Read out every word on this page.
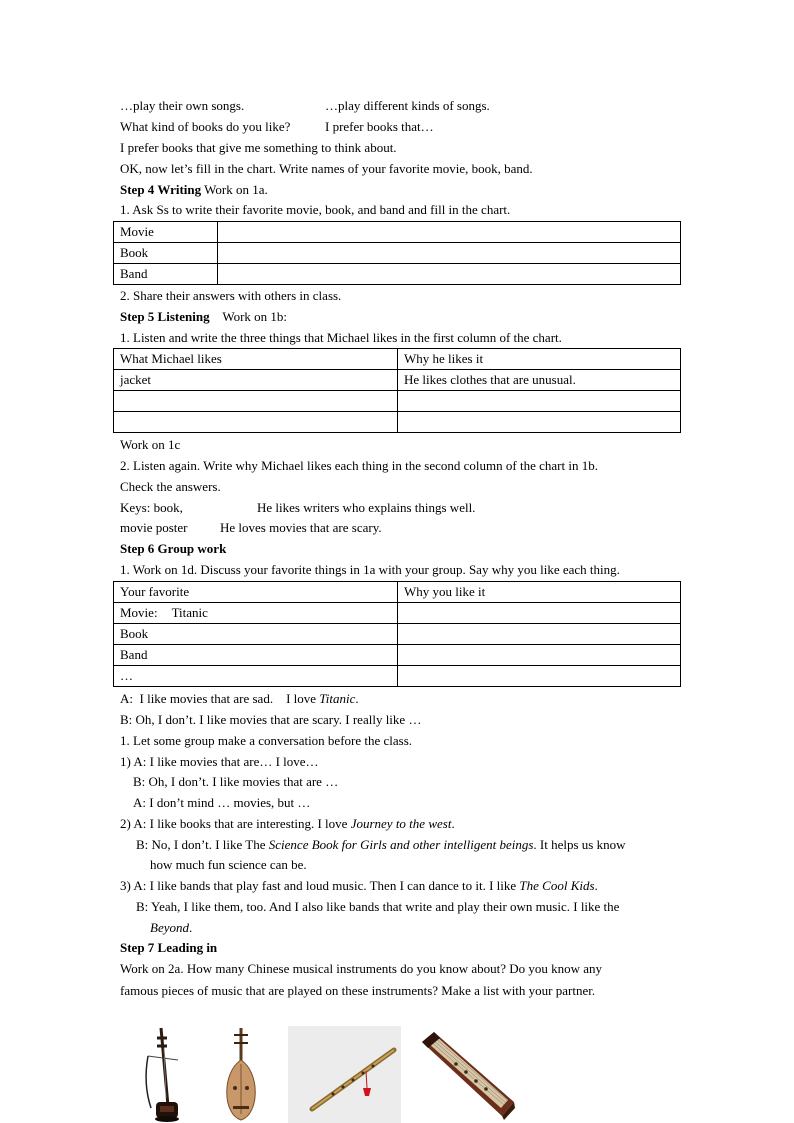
…play their own songs.	…play different kinds of songs.
What kind of books do you like?	I prefer books that…
I prefer books that give me something to think about.
OK, now let’s fill in the chart. Write names of your favorite movie, book, band.
Step 4 Writing Work on 1a.
1. Ask Ss to write their favorite movie, book, and band and fill in the chart.
Movie	
Book	
Band	
2. Share their answers with others in class.
Step 5 Listening    Work on 1b:
1. Listen and write the three things that Michael likes in the first column of the chart.
What Michael likes	Why he likes it
jacket	He likes clothes that are unusual.

Work on 1c
2. Listen again. Write why Michael likes each thing in the second column of the chart in 1b.
Check the answers.
Keys: book,	He likes writers who explains things well.
movie poster He loves movies that are scary.
Step 6 Group work
1. Work on 1d. Discuss your favorite things in 1a with your group. Say why you like each thing.
Your favorite	Why you like it
Movie: Titanic	
Book	
Band	
…	
A:  I like movies that are sad.    I love Titanic.
B: Oh, I don’t. I like movies that are scary. I really like …
1. Let some group make a conversation before the class.
1) A: I like movies that are… I love…
B: Oh, I don’t. I like movies that are …
A: I don’t mind … movies, but …
2) A: I like books that are interesting. I love Journey to the west.
B: No, I don’t. I like The Science Book for Girls and other intelligent beings. It helps us know
how much fun science can be.
3) A: I like bands that play fast and loud music. Then I can dance to it. I like The Cool Kids.
B: Yeah, I like them, too. And I also like bands that write and play their own music. I like the
Beyond.
Step 7 Leading in
Work on 2a. How many Chinese musical instruments do you know about? Do you know any
famous pieces of music that are played on these instruments? Make a list with your partner.
